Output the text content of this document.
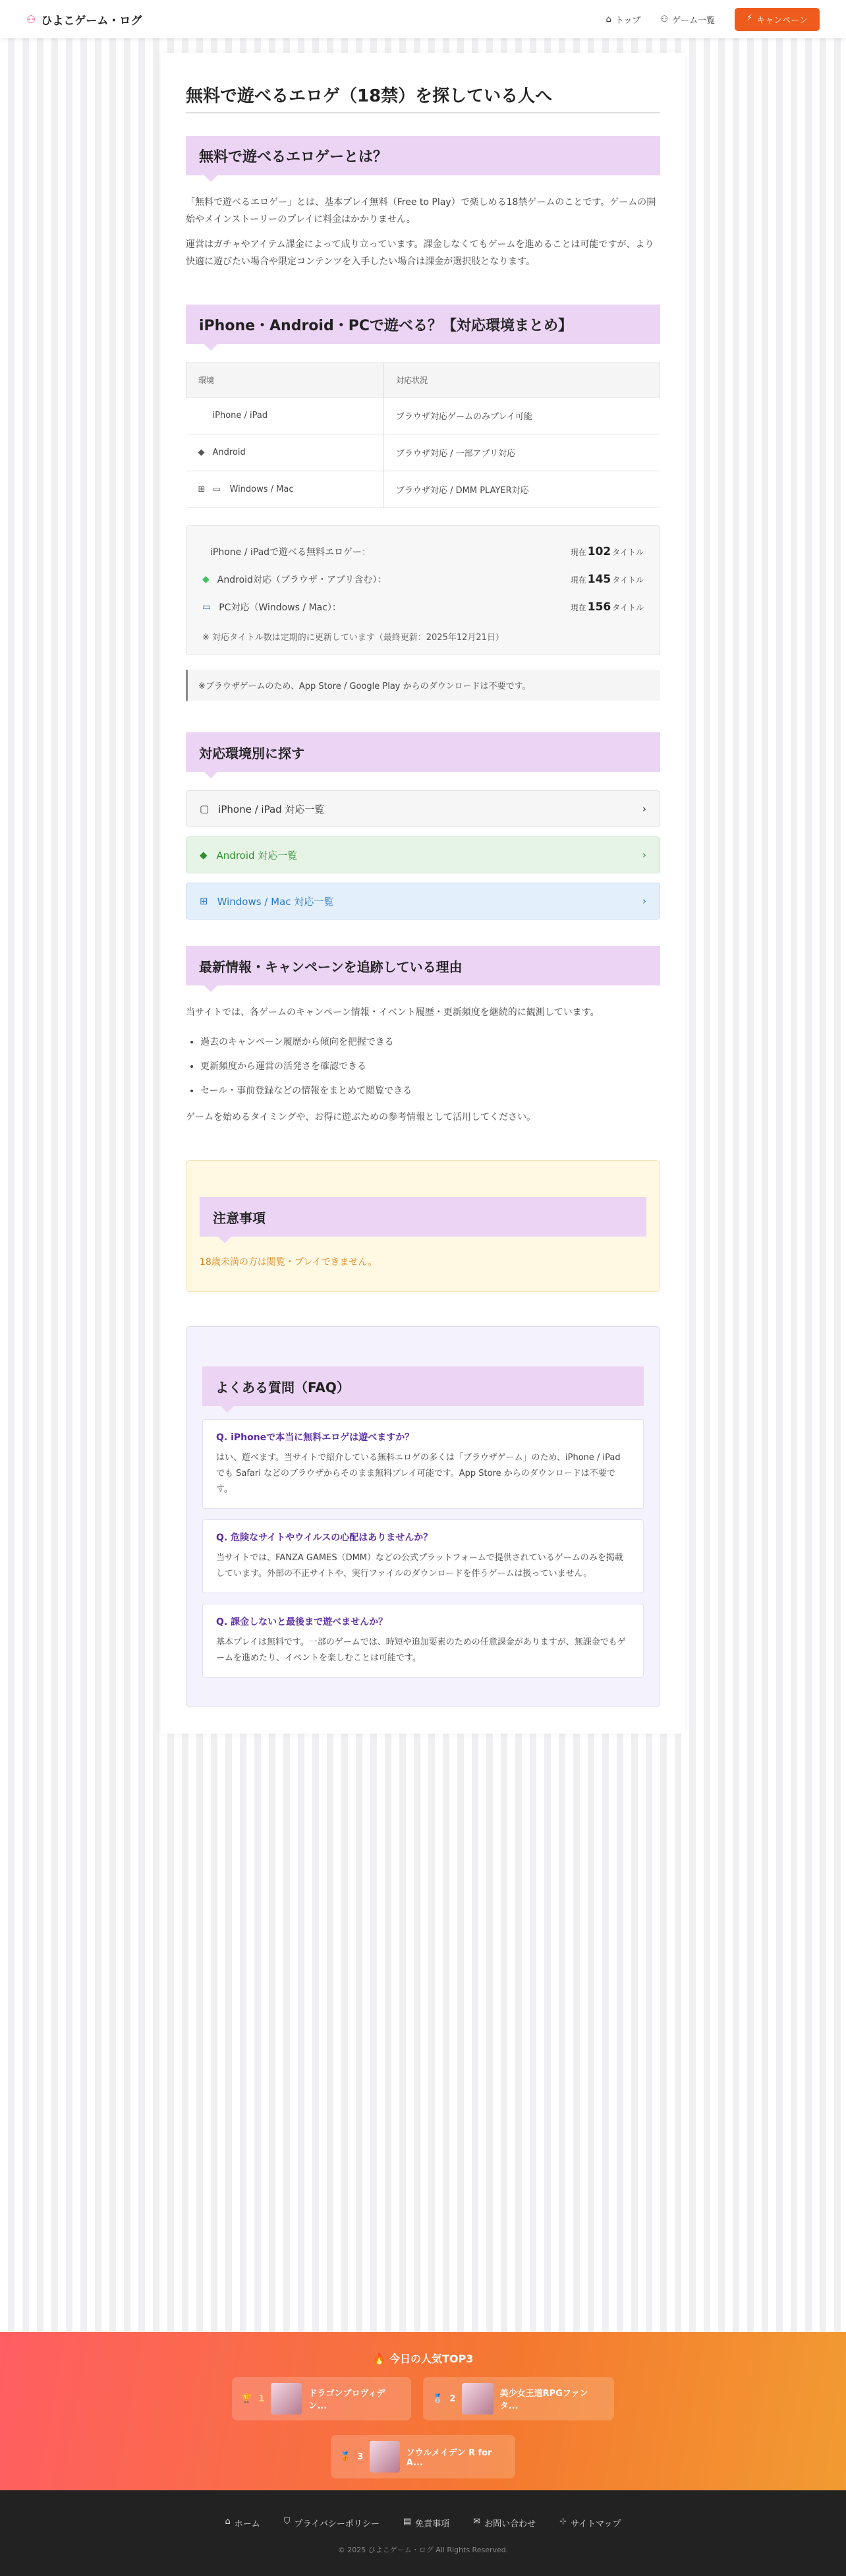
⚇ ひよこゲーム・ログ	⌂ トップ ⚇ ゲーム一覧	⚡ キャンペーン
無料で遊べるエロゲ（18禁）を探している人へ
無料で遊べるエロゲーとは？

「無料で遊べるエロゲー」とは、基本プレイ無料（Free to Play）で楽しめる18禁ゲームのことです。ゲームの開始やメインストーリーのプレイに料金はかかりません。

運営はガチャやアイテム課金によって成り立っています。課金しなくてもゲームを進めることは可能ですが、より快適に遊びたい場合や限定コンテンツを入手したい場合は課金が選択肢となります。

iPhone・Android・PCで遊べる？【対応環境まとめ】
環境	対応状況
iPhone / iPad	ブラウザ対応ゲームのみプレイ可能
◆ Android	ブラウザ対応 / 一部アプリ対応
⊞ ▭ Windows / Mac	ブラウザ対応 / DMM PLAYER対応
iPhone / iPadで遊べる無料エロゲー：	現在 102 タイトル
◆ Android対応（ブラウザ・アプリ含む）：	現在 145 タイトル
▭ PC対応（Windows / Mac）：	現在 156 タイトル
※ 対応タイトル数は定期的に更新しています（最終更新：2025年12月21日）
※ブラウザゲームのため、App Store / Google Play からのダウンロードは不要です。
対応環境別に探す
▢ iPhone / iPad 対応一覧	›
◆ Android 対応一覧	›
⊞ Windows / Mac 対応一覧	›
最新情報・キャンペーンを追跡している理由

当サイトでは、各ゲームのキャンペーン情報・イベント履歴・更新頻度を継続的に観測しています。

• 過去のキャンペーン履歴から傾向を把握できる
• 更新頻度から運営の活発さを確認できる
• セール・事前登録などの情報をまとめて閲覧できる

ゲームを始めるタイミングや、お得に遊ぶための参考情報として活用してください。

注意事項

18歳未満の方は閲覧・プレイできません。

よくある質問（FAQ）
Q. iPhoneで本当に無料エロゲは遊べますか？
はい、遊べます。当サイトで紹介している無料エロゲの多くは「ブラウザゲーム」のため、iPhone / iPad でも Safari などのブラウザからそのまま無料プレイ可能です。App Store からのダウンロードは不要です。
Q. 危険なサイトやウイルスの心配はありませんか？
当サイトでは、FANZA GAMES（DMM）などの公式プラットフォームで提供されているゲームのみを掲載しています。外部の不正サイトや、実行ファイルのダウンロードを伴うゲームは扱っていません。
Q. 課金しないと最後まで遊べませんか？
基本プレイは無料です。一部のゲームでは、時短や追加要素のための任意課金がありますが、無課金でもゲームを進めたり、イベントを楽しむことは可能です。
🔥 今日の人気TOP3
🏆 1	ドラゴンプロヴィデン...
🥈 2	美少女王道RPGファンタ...
🥉 3	ソウルメイデン R for A...
⌂ ホーム	⛉ プライバシーポリシー	▤ 免責事項	✉ お問い合わせ	⊹ サイトマップ
© 2025 ひよこゲーム・ログ All Rights Reserved.
